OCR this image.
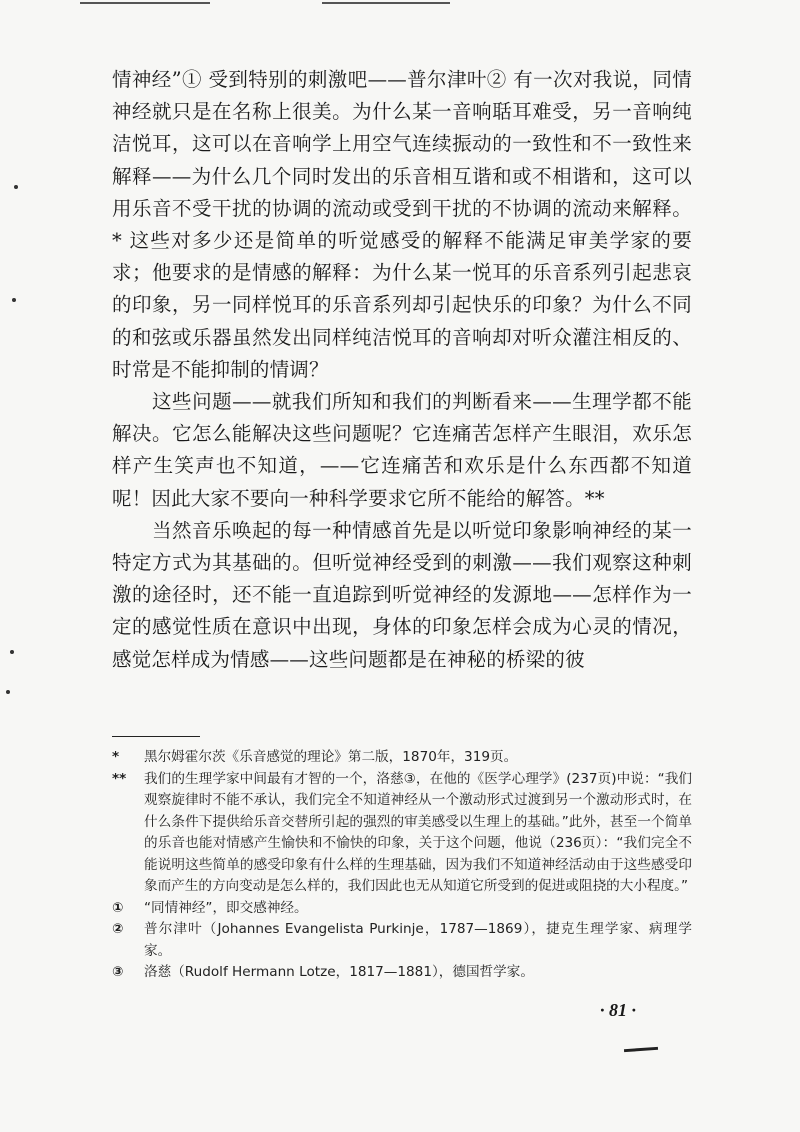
情神经”① 受到特别的刺激吧——普尔津叶② 有一次对我说，同情神经就只是在名称上很美。为什么某一音响聒耳难受，另一音响纯洁悦耳，这可以在音响学上用空气连续振动的一致性和不一致性来解释——为什么几个同时发出的乐音相互谐和或不相谐和，这可以用乐音不受干扰的协调的流动或受到干扰的不协调的流动来解释。* 这些对多少还是简单的听觉感受的解释不能满足审美学家的要求；他要求的是情感的解释：为什么某一悦耳的乐音系列引起悲哀的印象，另一同样悦耳的乐音系列却引起快乐的印象？为什么不同的和弦或乐器虽然发出同样纯洁悦耳的音响却对听众灌注相反的、时常是不能抑制的情调？

这些问题——就我们所知和我们的判断看来——生理学都不能解决。它怎么能解决这些问题呢？它连痛苦怎样产生眼泪，欢乐怎样产生笑声也不知道，——它连痛苦和欢乐是什么东西都不知道呢！因此大家不要向一种科学要求它所不能给的解答。**

当然音乐唤起的每一种情感首先是以听觉印象影响神经的某一特定方式为其基础的。但听觉神经受到的刺激——我们观察这种刺激的途径时，还不能一直追踪到听觉神经的发源地——怎样作为一定的感觉性质在意识中出现，身体的印象怎样会成为心灵的情况，感觉怎样成为情感——这些问题都是在神秘的桥梁的彼

*	黑尔姆霍尔茨《乐音感觉的理论》第二版，1870年，319页。
**	我们的生理学家中间最有才智的一个，洛慈③，在他的《医学心理学》(237页)中说：“我们观察旋律时不能不承认，我们完全不知道神经从一个激动形式过渡到另一个激动形式时，在什么条件下提供给乐音交替所引起的强烈的审美感受以生理上的基础。”此外，甚至一个简单的乐音也能对情感产生愉快和不愉快的印象，关于这个问题，他说（236页）：“我们完全不能说明这些简单的感受印象有什么样的生理基础，因为我们不知道神经活动由于这些感受印象而产生的方向变动是怎么样的，我们因此也无从知道它所受到的促进或阻挠的大小程度。”
①	“同情神经”，即交感神经。
②	普尔津叶（Johannes Evangelista Purkinje，1787—1869），捷克生理学家、病理学家。
③	洛慈（Rudolf Hermann Lotze，1817—1881），德国哲学家。
· 81 ·
